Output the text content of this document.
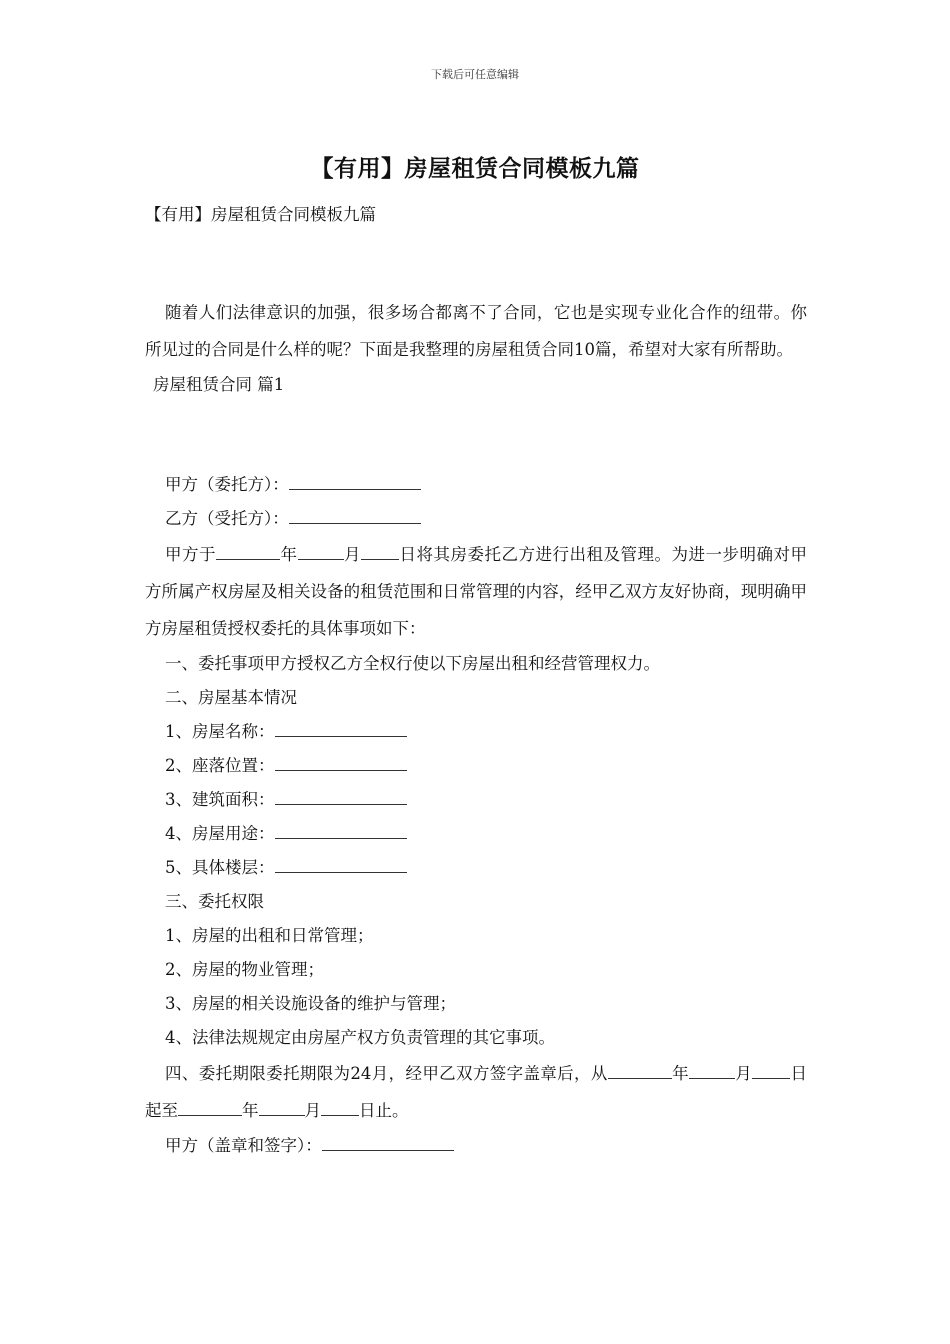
下载后可任意编辑
【有用】房屋租赁合同模板九篇
【有用】房屋租赁合同模板九篇
随着人们法律意识的加强，很多场合都离不了合同，它也是实现专业化合作的纽带。你所见过的合同是什么样的呢？下面是我整理的房屋租赁合同10篇，希望对大家有所帮助。
房屋租赁合同 篇1
甲方（委托方）：
乙方（受托方）：
甲方于	年	月 日将其房委托乙方进行出租及管理。为进一步明确对甲方所属产权房屋及相关设备的租赁范围和日常管理的内容，经甲乙双方友好协商，现明确甲方房屋租赁授权委托的具体事项如下：
一、委托事项甲方授权乙方全权行使以下房屋出租和经营管理权力。
二、房屋基本情况
1、房屋名称：
2、座落位置：
3、建筑面积：
4、房屋用途：
5、具体楼层：
三、委托权限
1、房屋的出租和日常管理；
2、房屋的物业管理；
3、房屋的相关设施设备的维护与管理；
4、法律法规规定由房屋产权方负责管理的其它事项。
四、委托期限委托期限为24月，经甲乙双方签字盖章后，从	年	月 日起至	年	月 日止。
甲方（盖章和签字）：
